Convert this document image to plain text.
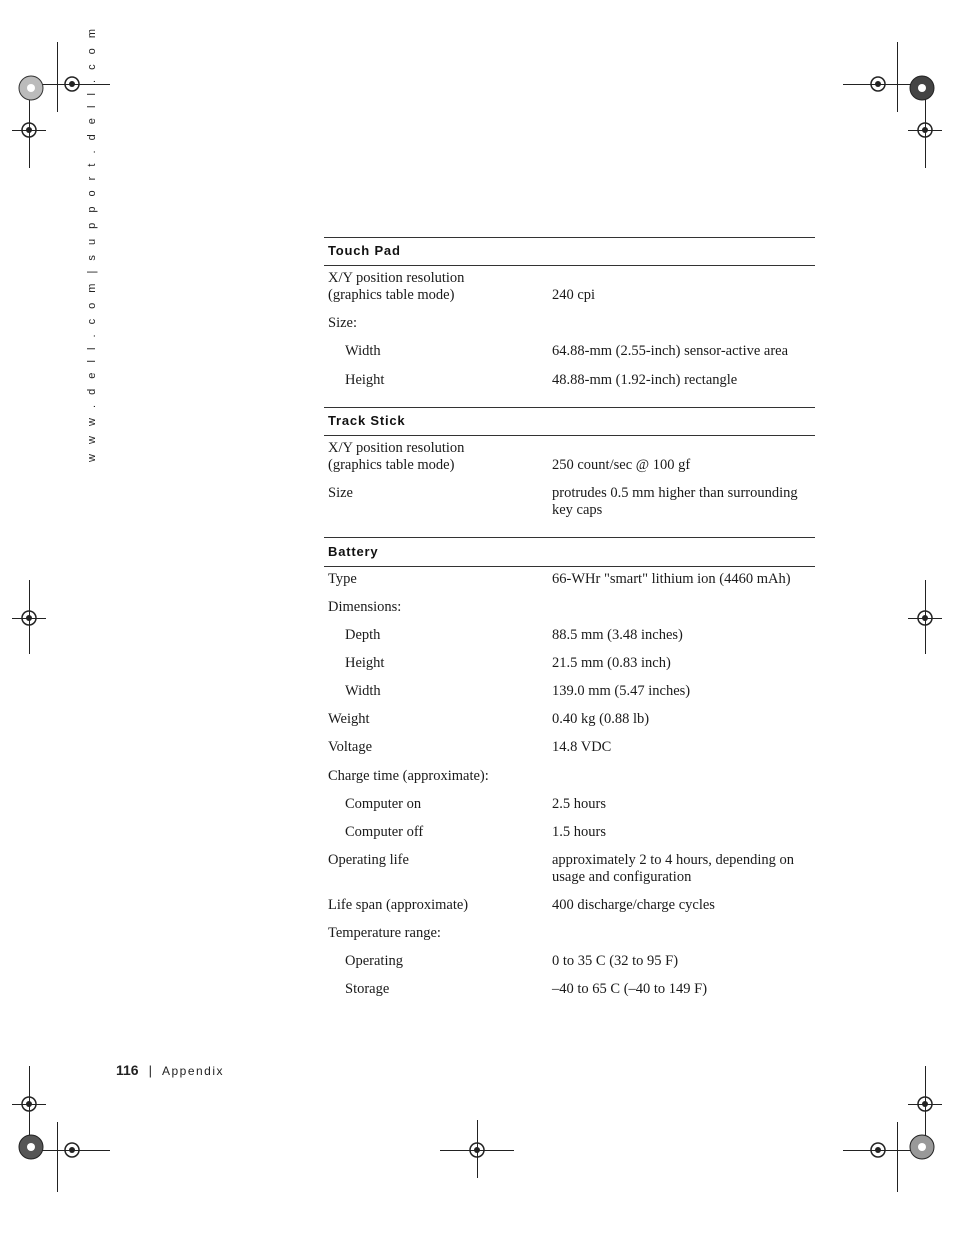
w w w . d e l l . c o m | s u p p o r t . d e l l . c o m	Touch Pad
X/Y position resolution
(graphics table mode)	240 cpi
Size:
Width	64.88-mm (2.55-inch) sensor-active area
Height	48.88-mm (1.92-inch) rectangle
Track Stick
X/Y position resolution
(graphics table mode)	250 count/sec @ 100 gf
Size	protrudes 0.5 mm higher than surrounding key caps
Battery
Type	66-WHr "smart" lithium ion (4460 mAh)
Dimensions:
Depth	88.5 mm (3.48 inches)
Height	21.5 mm (0.83 inch)
Width	139.0 mm (5.47 inches)
Weight	0.40 kg (0.88 lb)
Voltage	14.8 VDC
Charge time (approximate):
Computer on	2.5 hours
Computer off	1.5 hours
Operating life	approximately 2 to 4 hours, depending on usage and configuration
Life span (approximate)	400 discharge/charge cycles
Temperature range:
Operating	0 to 35 C (32 to 95 F)
Storage	–40 to 65 C (–40 to 149 F)
116 | Appendix
